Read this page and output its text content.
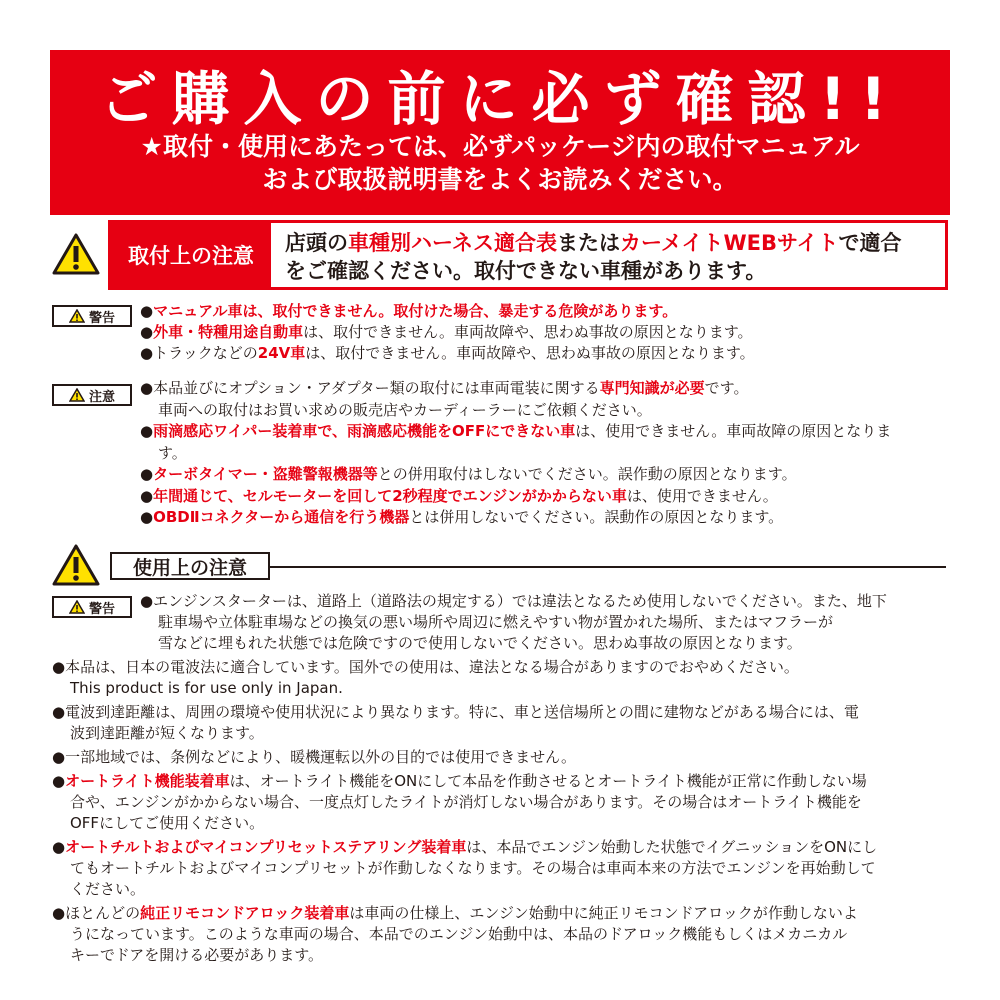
ご購入の前に必ず確認!!
★取付・使用にあたっては、必ずパッケージ内の取付マニュアル
および取扱説明書をよくお読みください。
取付上の注意
店頭の車種別ハーネス適合表またはカーメイトWEBサイトで適合
をご確認ください。取付できない車種があります。
警告 ●マニュアル車は、取付できません。取付けた場合、暴走する危険があります。
●外車・特種用途自動車は、取付できません。車両故障や、思わぬ事故の原因となります。
●トラックなどの24V車は、取付できません。車両故障や、思わぬ事故の原因となります。
注意 ●本品並びにオプション・アダプター類の取付には車両電装に関する専門知識が必要です。
車両への取付はお買い求めの販売店やカーディーラーにご依頼ください。
●雨滴感応ワイパー装着車で、雨滴感応機能をOFFにできない車は、使用できません。車両故障の原因となりま
す。
●ターボタイマー・盗難警報機器等との併用取付はしないでください。誤作動の原因となります。
●年間通じて、セルモーターを回して2秒程度でエンジンがかからない車は、使用できません。
●OBDⅡコネクターから通信を行う機器とは併用しないでください。誤動作の原因となります。
使用上の注意
警告 ●エンジンスターターは、道路上（道路法の規定する）では違法となるため使用しないでください。また、地下
駐車場や立体駐車場などの換気の悪い場所や周辺に燃えやすい物が置かれた場所、またはマフラーが
雪などに埋もれた状態では危険ですので使用しないでください。思わぬ事故の原因となります。
●本品は、日本の電波法に適合しています。国外での使用は、違法となる場合がありますのでおやめください。
This product is for use only in Japan.
●電波到達距離は、周囲の環境や使用状況により異なります。特に、車と送信場所との間に建物などがある場合には、電
波到達距離が短くなります。
●一部地域では、条例などにより、暖機運転以外の目的では使用できません。
●オートライト機能装着車は、オートライト機能をONにして本品を作動させるとオートライト機能が正常に作動しない場
合や、エンジンがかからない場合、一度点灯したライトが消灯しない場合があります。その場合はオートライト機能を
OFFにしてご使用ください。
●オートチルトおよびマイコンプリセットステアリング装着車は、本品でエンジン始動した状態でイグニッションをONにし
てもオートチルトおよびマイコンプリセットが作動しなくなります。その場合は車両本来の方法でエンジンを再始動して
ください。
●ほとんどの純正リモコンドアロック装着車は車両の仕様上、エンジン始動中に純正リモコンドアロックが作動しないよ
うになっています。このような車両の場合、本品でのエンジン始動中は、本品のドアロック機能もしくはメカニカル
キーでドアを開ける必要があります。
